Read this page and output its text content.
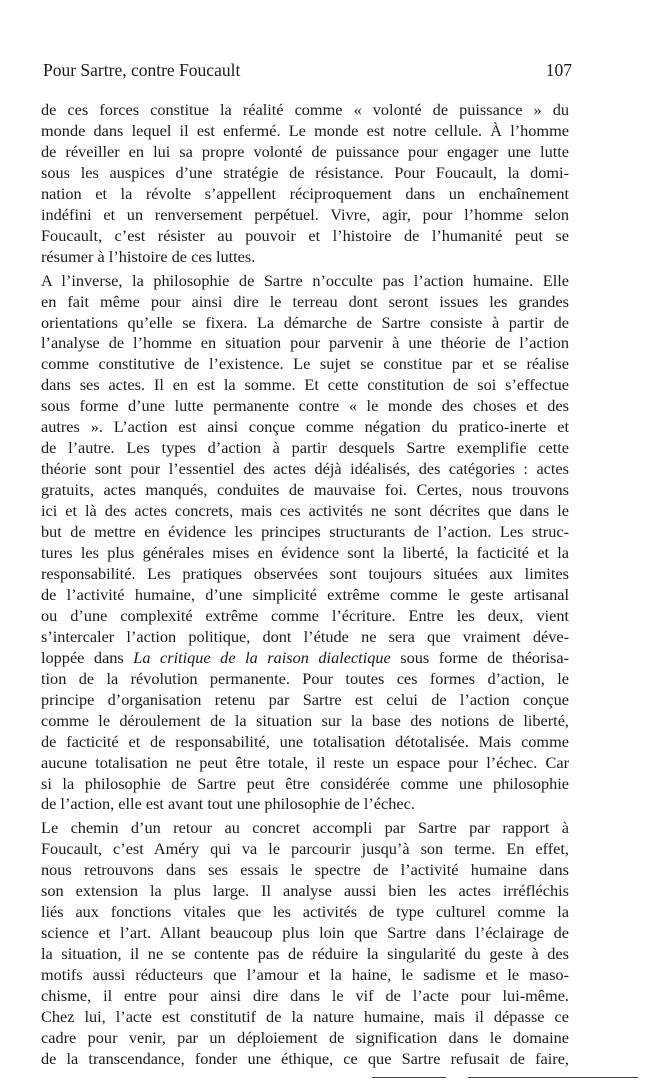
Pour Sartre, contre Foucault	107

de ces forces constitue la réalité comme « volonté de puissance » du
monde dans lequel il est enfermé. Le monde est notre cellule. À l’homme
de réveiller en lui sa propre volonté de puissance pour engager une lutte
sous les auspices d’une stratégie de résistance. Pour Foucault, la domi-
nation et la révolte s’appellent réciproquement dans un enchaînement
indéfini et un renversement perpétuel. Vivre, agir, pour l’homme selon
Foucault, c’est résister au pouvoir et l’histoire de l’humanité peut se
résumer à l’histoire de ces luttes.

A l’inverse, la philosophie de Sartre n’occulte pas l’action humaine. Elle
en fait même pour ainsi dire le terreau dont seront issues les grandes
orientations qu’elle se fixera. La démarche de Sartre consiste à partir de
l’analyse de l’homme en situation pour parvenir à une théorie de l’action
comme constitutive de l’existence. Le sujet se constitue par et se réalise
dans ses actes. Il en est la somme. Et cette constitution de soi s’effectue
sous forme d’une lutte permanente contre « le monde des choses et des
autres ». L’action est ainsi conçue comme négation du pratico-inerte et
de l’autre. Les types d’action à partir desquels Sartre exemplifie cette
théorie sont pour l’essentiel des actes déjà idéalisés, des catégories : actes
gratuits, actes manqués, conduites de mauvaise foi. Certes, nous trouvons
ici et là des actes concrets, mais ces activités ne sont décrites que dans le
but de mettre en évidence les principes structurants de l’action. Les struc-
tures les plus générales mises en évidence sont la liberté, la facticité et la
responsabilité. Les pratiques observées sont toujours situées aux limites
de l’activité humaine, d’une simplicité extrême comme le geste artisanal
ou d’une complexité extrême comme l’écriture. Entre les deux, vient
s’intercaler l’action politique, dont l’étude ne sera que vraiment déve-
loppée dans La critique de la raison dialectique sous forme de théorisa-
tion de la révolution permanente. Pour toutes ces formes d’action, le
principe d’organisation retenu par Sartre est celui de l’action conçue
comme le déroulement de la situation sur la base des notions de liberté,
de facticité et de responsabilité, une totalisation détotalisée. Mais comme
aucune totalisation ne peut être totale, il reste un espace pour l’échec. Car
si la philosophie de Sartre peut être considérée comme une philosophie
de l’action, elle est avant tout une philosophie de l’échec.

Le chemin d’un retour au concret accompli par Sartre par rapport à
Foucault, c’est Améry qui va le parcourir jusqu’à son terme. En effet,
nous retrouvons dans ses essais le spectre de l’activité humaine dans
son extension la plus large. Il analyse aussi bien les actes irréfléchis
liés aux fonctions vitales que les activités de type culturel comme la
science et l’art. Allant beaucoup plus loin que Sartre dans l’éclairage de
la situation, il ne se contente pas de réduire la singularité du geste à des
motifs aussi réducteurs que l’amour et la haine, le sadisme et le maso-
chisme, il entre pour ainsi dire dans le vif de l’acte pour lui-même.
Chez lui, l’acte est constitutif de la nature humaine, mais il dépasse ce
cadre pour venir, par un déploiement de signification dans le domaine
de la transcendance, fonder une éthique, ce que Sartre refusait de faire,
